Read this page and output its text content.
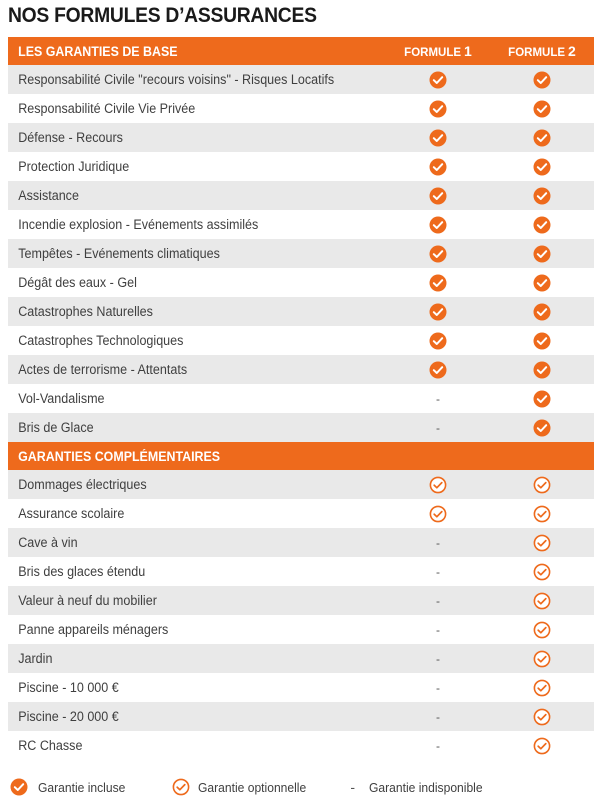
NOS FORMULES D’ASSURANCES
LES GARANTIES DE BASE	FORMULE 1	FORMULE 2
Responsabilité Civile "recours voisins" - Risques Locatifs
Responsabilité Civile Vie Privée
Défense - Recours
Protection Juridique
Assistance
Incendie explosion - Evénements assimilés
Tempêtes - Evénements climatiques
Dégât des eaux - Gel
Catastrophes Naturelles
Catastrophes Technologiques
Actes de terrorisme - Attentats
Vol-Vandalisme	-
Bris de Glace	-
GARANTIES COMPLÉMENTAIRES
Dommages électriques
Assurance scolaire
Cave à vin	-
Bris des glaces étendu	-
Valeur à neuf du mobilier	-
Panne appareils ménagers	-
Jardin	-
Piscine - 10 000 €	-
Piscine - 20 000 €	-
RC Chasse	-
Garantie incluse	Garantie optionnelle	- Garantie indisponible
